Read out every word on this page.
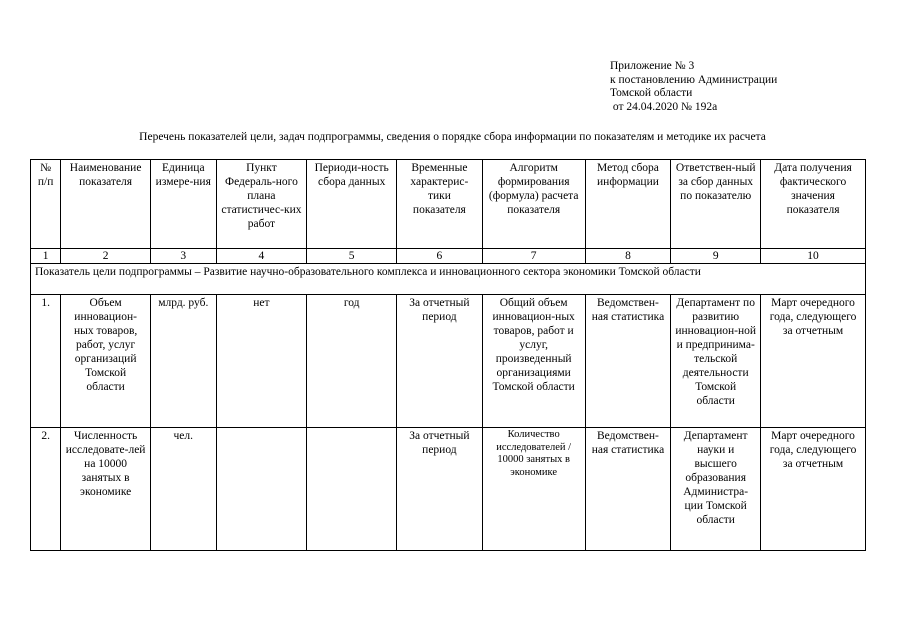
Приложение № 3
к постановлению Администрации
Томской области
от 24.04.2020 № 192а
Перечень показателей цели, задач подпрограммы, сведения о порядке сбора информации по показателям и методике их расчета
№ п/п	Наименование показателя	Единица измере-ния	Пункт Федераль-ного плана статистичес-ких работ	Периоди-ность сбора данных	Временные характерис-тики показателя	Алгоритм формирования (формула) расчета показателя	Метод сбора информации	Ответствен-ный за сбор данных по показателю	Дата получения фактического значения показателя
1	2	3	4	5	6	7	8	9	10
Показатель цели подпрограммы – Развитие научно-образовательного комплекса и инновационного сектора экономики Томской области									
1.	Объем инновацион-ных товаров, работ, услуг организаций Томской области	млрд. руб.	нет	год	За отчетный период	Общий объем инновацион-ных товаров, работ и услуг, произведенный организациями Томской области	Ведомствен-ная статистика	Департамент по развитию инновацион-ной и предпринима-тельской деятельности Томской области	Март очередного года, следующего за отчетным
2.	Численность исследовате-лей на 10000 занятых в экономике	чел.			За отчетный период	Количество исследователей / 10000 занятых в экономике	Ведомствен-ная статистика	Департамент науки и высшего образования Администра-ции Томской области	Март очередного года, следующего за отчетным
